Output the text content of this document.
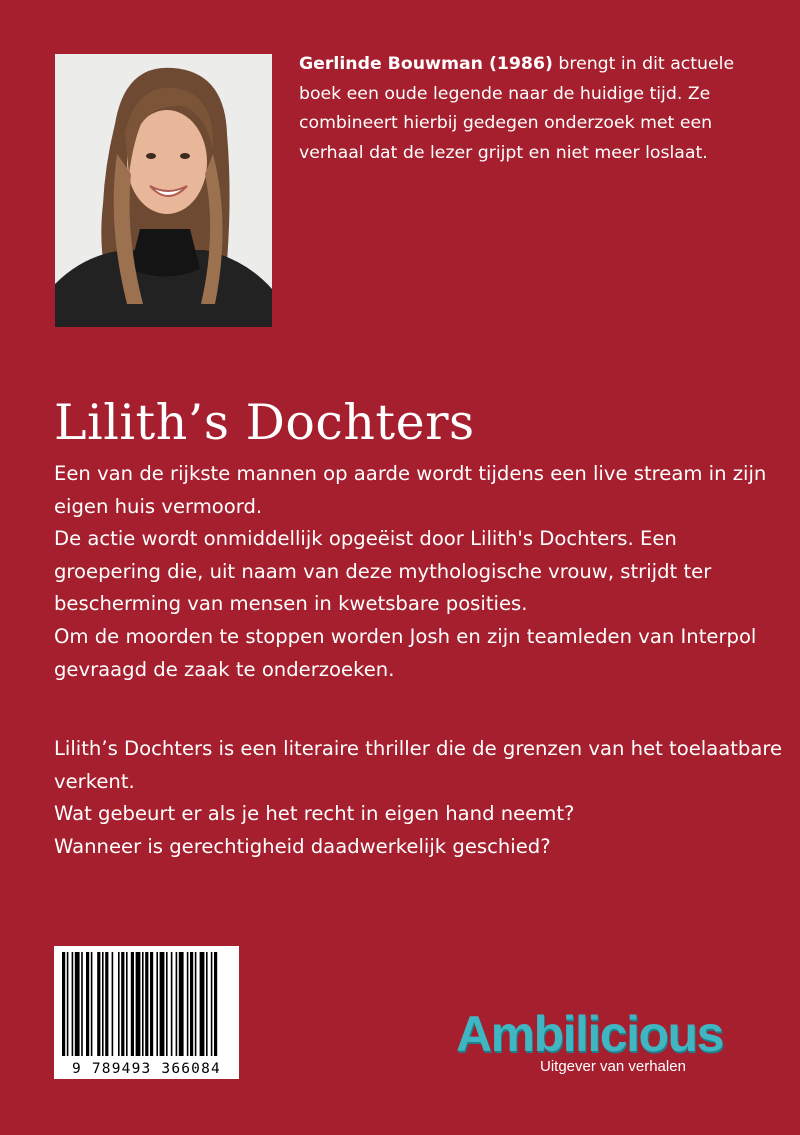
Gerlinde Bouwman (1986) brengt in dit actuele boek een oude legende naar de huidige tijd. Ze combineert hierbij gedegen onderzoek met een verhaal dat de lezer grijpt en niet meer loslaat.

Lilith’s Dochters

Een van de rijkste mannen op aarde wordt tijdens een live stream in zijn eigen huis vermoord.

De actie wordt onmiddellijk opgeëist door Lilith's Dochters. Een groepering die, uit naam van deze mythologische vrouw, strijdt ter bescherming van mensen in kwetsbare posities.

Om de moorden te stoppen worden Josh en zijn teamleden van Interpol gevraagd de zaak te onderzoeken.

Lilith’s Dochters is een literaire thriller die de grenzen van het toelaatbare verkent.

Wat gebeurt er als je het recht in eigen hand neemt?

Wanneer is gerechtigheid daadwerkelijk geschied?

9 789493 366084
Ambilicious
Uitgever van verhalen
